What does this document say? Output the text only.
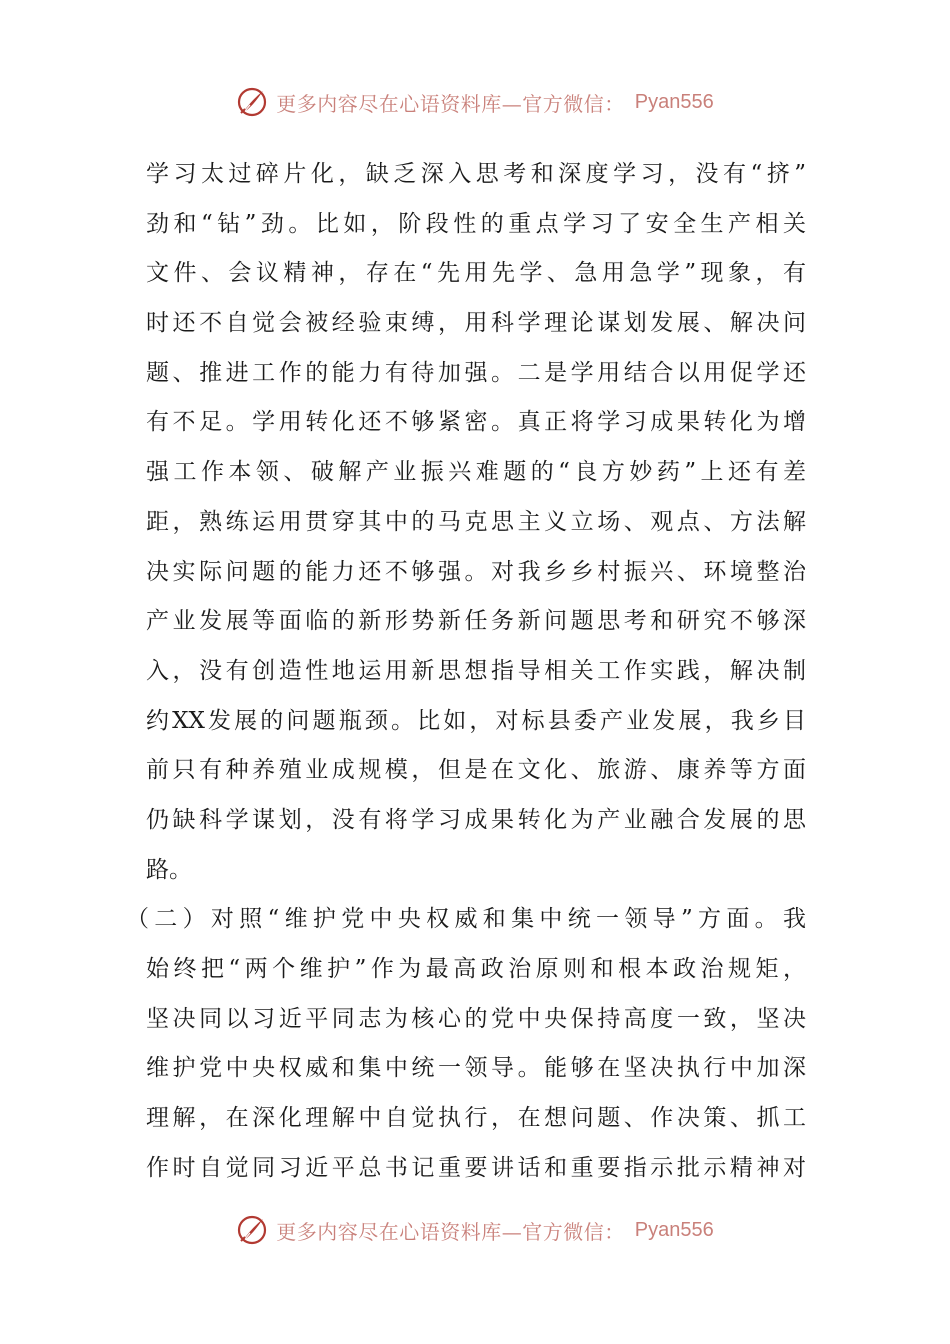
更多内容尽在心语资料库—官方微信： Pyan556
学习太过碎片化，缺乏深入思考和深度学习，没有“挤”
劲和“钻”劲。比如，阶段性的重点学习了安全生产相关
文件、会议精神，存在“先用先学、急用急学”现象，有
时还不自觉会被经验束缚，用科学理论谋划发展、解决问
题、推进工作的能力有待加强。二是学用结合以用促学还
有不足。学用转化还不够紧密。真正将学习成果转化为增
强工作本领、破解产业振兴难题的“良方妙药”上还有差
距，熟练运用贯穿其中的马克思主义立场、观点、方法解
决实际问题的能力还不够强。对我乡乡村振兴、环境整治
产业发展等面临的新形势新任务新问题思考和研究不够深
入，没有创造性地运用新思想指导相关工作实践，解决制
约XX发展的问题瓶颈。比如，对标县委产业发展，我乡目
前只有种养殖业成规模，但是在文化、旅游、康养等方面
仍缺科学谋划，没有将学习成果转化为产业融合发展的思
路。
（二）对照“维护党中央权威和集中统一领导”方面。我
始终把“两个维护”作为最高政治原则和根本政治规矩，
坚决同以习近平同志为核心的党中央保持高度一致，坚决
维护党中央权威和集中统一领导。能够在坚决执行中加深
理解，在深化理解中自觉执行，在想问题、作决策、抓工
作时自觉同习近平总书记重要讲话和重要指示批示精神对
更多内容尽在心语资料库—官方微信： Pyan556
